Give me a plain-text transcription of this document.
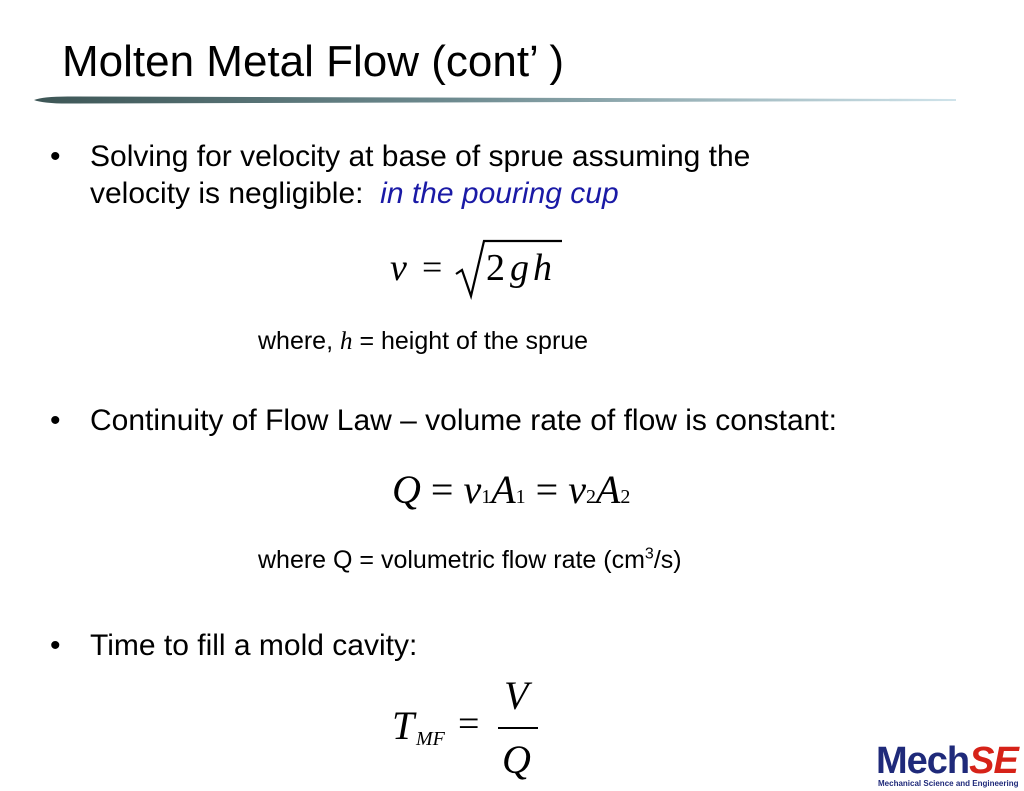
Molten Metal Flow (cont’ )
• Solving for velocity at base of sprue assuming the
velocity is negligible: in the pouring cup
v = 2 g h
where, h = height of the sprue
• Continuity of Flow Law – volume rate of flow is constant:
Q = v1A1 = v2A2
where Q = volumetric flow rate $(cm^3/s)$
• Time to fill a mold cavity:
T MF =
V
Q	MechSE
Mechanical Science and Engineering
